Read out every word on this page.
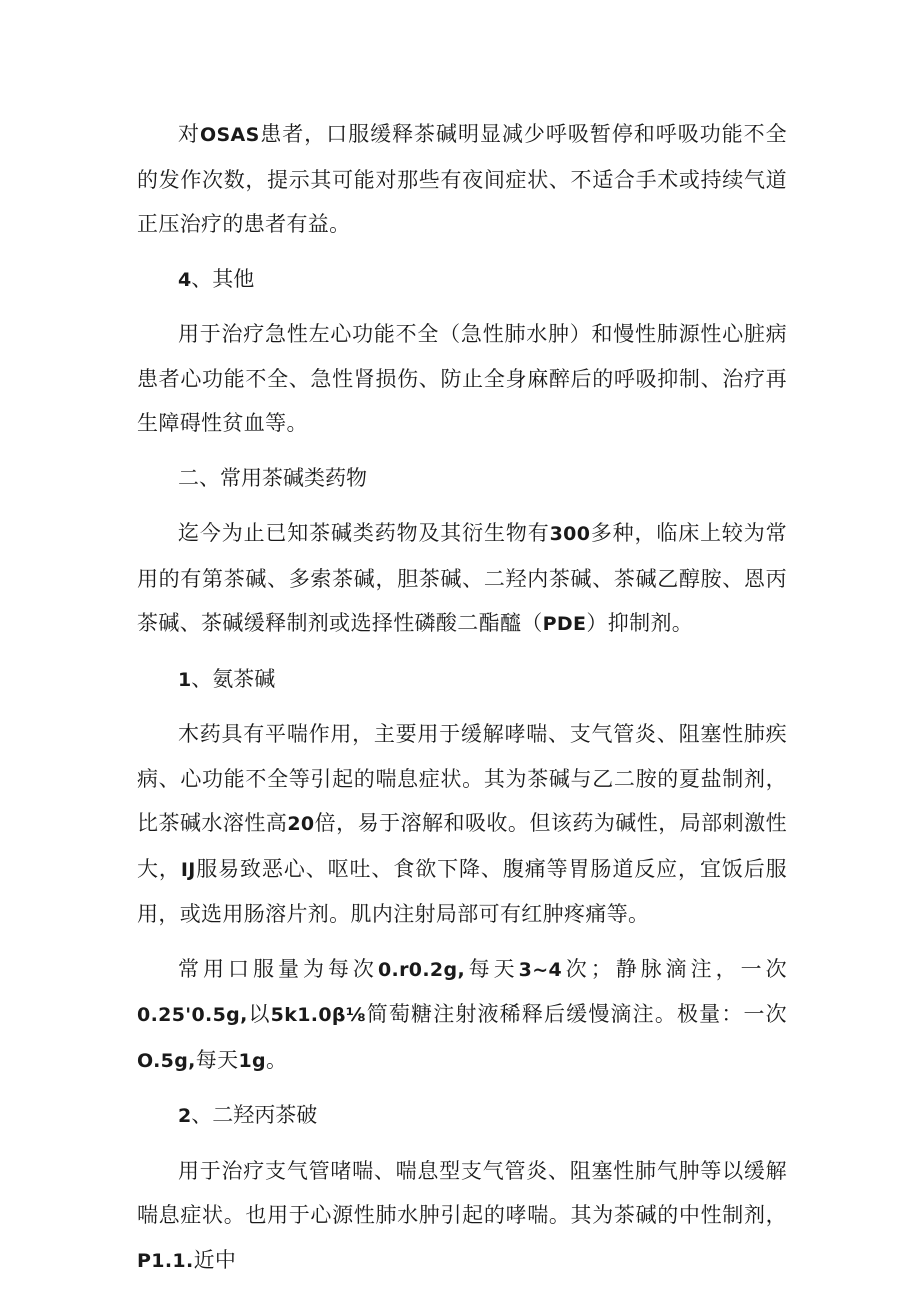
对OSAS患者，口服缓释茶碱明显减少呼吸暂停和呼吸功能不全的发作次数，提示其可能对那些有夜间症状、不适合手术或持续气道正压治疗的患者有益。

4、其他

用于治疗急性左心功能不全（急性肺水肿）和慢性肺源性心脏病患者心功能不全、急性肾损伤、防止全身麻醉后的呼吸抑制、治疗再生障碍性贫血等。

二、常用茶碱类药物

迄今为止已知茶碱类药物及其衍生物有300多种，临床上较为常用的有第茶碱、多索茶碱，胆茶碱、二羟内茶碱、茶碱乙醇胺、恩丙茶碱、茶碱缓释制剂或选择性磷酸二酯醯（PDE）抑制剂。

1、氨茶碱

木药具有平喘作用，主要用于缓解哮喘、支气管炎、阻塞性肺疾病、心功能不全等引起的喘息症状。其为茶碱与乙二胺的夏盐制剂，比茶碱水溶性高20倍，易于溶解和吸收。但该药为碱性，局部刺激性大，IJ服易致恶心、呕吐、食欲下降、腹痛等胃肠道反应，宜饭后服用，或选用肠溶片剂。肌内注射局部可有红肿疼痛等。

常用口服量为每次0.r0.2g,每天3~4次；静脉滴注，一次0.25'0.5g,以5k1.0β⅛简萄糖注射液稀释后缓慢滴注。极量：一次O.5g,每天1g。

2、二羟丙茶破

用于治疗支气管啫喘、喘息型支气管炎、阻塞性肺气肿等以缓解喘息症状。也用于心源性肺水肿引起的哮喘。其为茶碱的中性制剂，P1.1.近中
